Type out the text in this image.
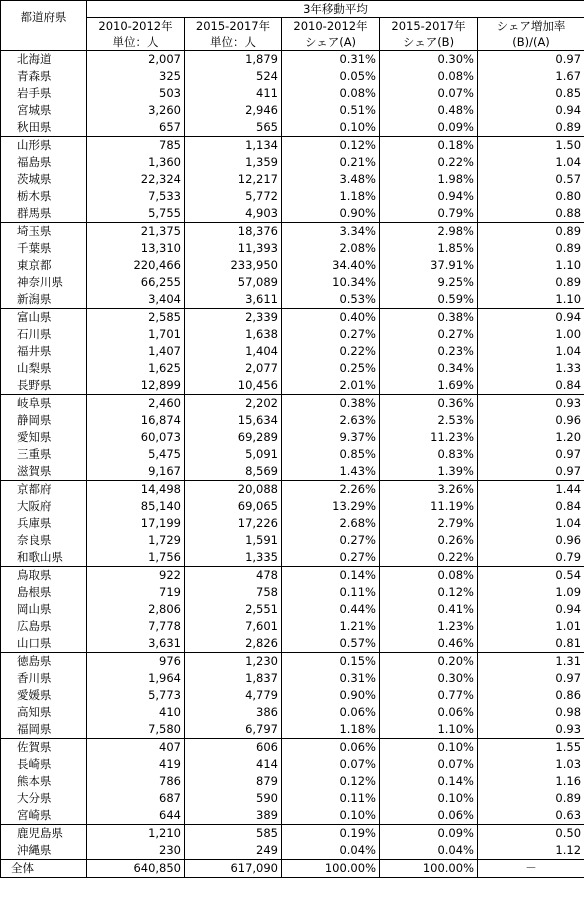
都道府県	3年移動平均				
	2010-2012年	2015-2017年	2010-2012年	2015-2017年	シェア増加率
	単位：人	単位：人	シェア(A)	シェア(B)	(B)/(A)
北海道	2,007	1,879	0.31%	0.30%	0.97
青森県	325	524	0.05%	0.08%	1.67
岩手県	503	411	0.08%	0.07%	0.85
宮城県	3,260	2,946	0.51%	0.48%	0.94
秋田県	657	565	0.10%	0.09%	0.89
山形県	785	1,134	0.12%	0.18%	1.50
福島県	1,360	1,359	0.21%	0.22%	1.04
茨城県	22,324	12,217	3.48%	1.98%	0.57
栃木県	7,533	5,772	1.18%	0.94%	0.80
群馬県	5,755	4,903	0.90%	0.79%	0.88
埼玉県	21,375	18,376	3.34%	2.98%	0.89
千葉県	13,310	11,393	2.08%	1.85%	0.89
東京都	220,466	233,950	34.40%	37.91%	1.10
神奈川県	66,255	57,089	10.34%	9.25%	0.89
新潟県	3,404	3,611	0.53%	0.59%	1.10
富山県	2,585	2,339	0.40%	0.38%	0.94
石川県	1,701	1,638	0.27%	0.27%	1.00
福井県	1,407	1,404	0.22%	0.23%	1.04
山梨県	1,625	2,077	0.25%	0.34%	1.33
長野県	12,899	10,456	2.01%	1.69%	0.84
岐阜県	2,460	2,202	0.38%	0.36%	0.93
静岡県	16,874	15,634	2.63%	2.53%	0.96
愛知県	60,073	69,289	9.37%	11.23%	1.20
三重県	5,475	5,091	0.85%	0.83%	0.97
滋賀県	9,167	8,569	1.43%	1.39%	0.97
京都府	14,498	20,088	2.26%	3.26%	1.44
大阪府	85,140	69,065	13.29%	11.19%	0.84
兵庫県	17,199	17,226	2.68%	2.79%	1.04
奈良県	1,729	1,591	0.27%	0.26%	0.96
和歌山県	1,756	1,335	0.27%	0.22%	0.79
鳥取県	922	478	0.14%	0.08%	0.54
島根県	719	758	0.11%	0.12%	1.09
岡山県	2,806	2,551	0.44%	0.41%	0.94
広島県	7,778	7,601	1.21%	1.23%	1.01
山口県	3,631	2,826	0.57%	0.46%	0.81
徳島県	976	1,230	0.15%	0.20%	1.31
香川県	1,964	1,837	0.31%	0.30%	0.97
愛媛県	5,773	4,779	0.90%	0.77%	0.86
高知県	410	386	0.06%	0.06%	0.98
福岡県	7,580	6,797	1.18%	1.10%	0.93
佐賀県	407	606	0.06%	0.10%	1.55
長崎県	419	414	0.07%	0.07%	1.03
熊本県	786	879	0.12%	0.14%	1.16
大分県	687	590	0.11%	0.10%	0.89
宮崎県	644	389	0.10%	0.06%	0.63
鹿児島県	1,210	585	0.19%	0.09%	0.50
沖縄県	230	249	0.04%	0.04%	1.12
全体	640,850	617,090	100.00%	100.00%	－
